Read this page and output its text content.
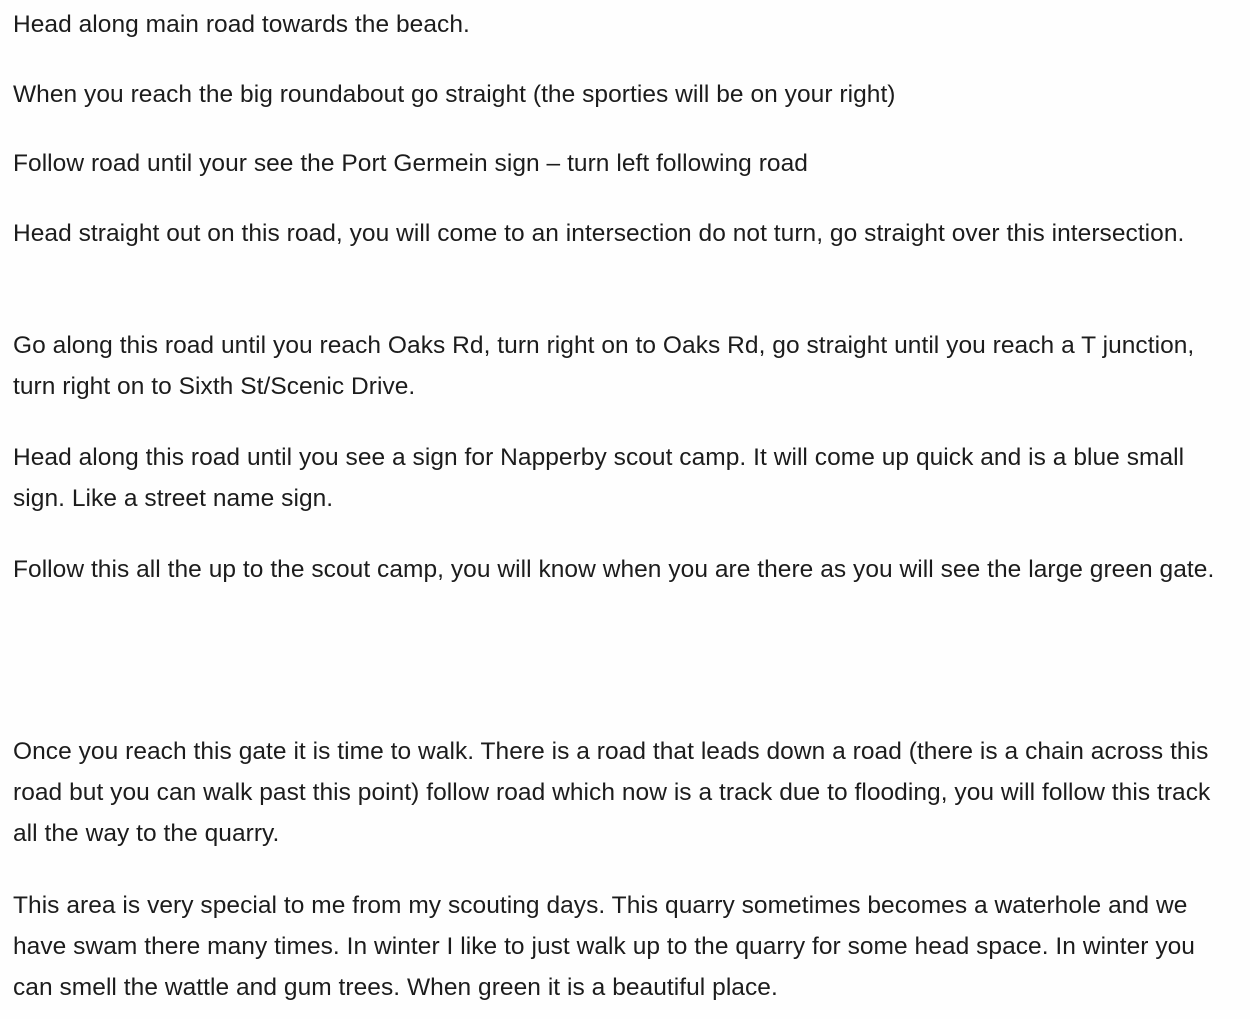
Head along main road towards the beach.

When you reach the big roundabout go straight (the sporties will be on your right)

Follow road until your see the Port Germein sign – turn left following road

Head straight out on this road, you will come to an intersection do not turn, go straight over this intersection.

Go along this road until you reach Oaks Rd, turn right on to Oaks Rd, go straight until you reach a T junction, turn right on to Sixth St/Scenic Drive.

Head along this road until you see a sign for Napperby scout camp. It will come up quick and is a blue small sign. Like a street name sign.

Follow this all the up to the scout camp, you will know when you are there as you will see the large green gate.

Once you reach this gate it is time to walk. There is a road that leads down a road (there is a chain across this road but you can walk past this point) follow road which now is a track due to flooding, you will follow this track all the way to the quarry.

This area is very special to me from my scouting days. This quarry sometimes becomes a waterhole and we have swam there many times. In winter I like to just walk up to the quarry for some head space. In winter you can smell the wattle and gum trees. When green it is a beautiful place.
